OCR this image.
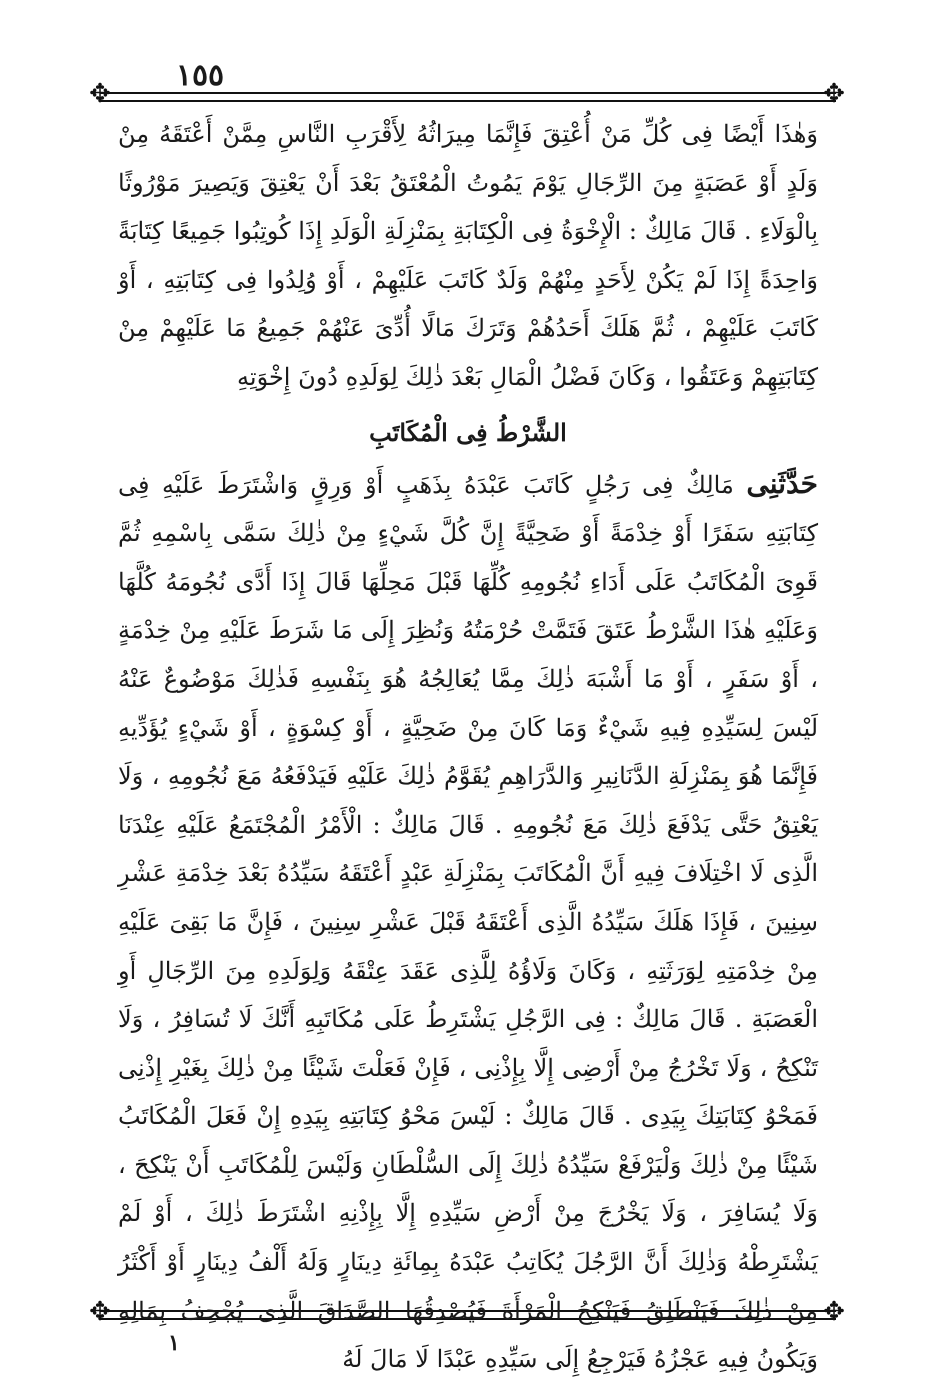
١٥٥
✥	✥
✥	✥

وَهٰذَا أَيْضًا فِى كُلِّ مَنْ أُعْتِقَ فَإِنَّمَا مِيرَاثُهُ لِأَقْرَبِ النَّاسِ مِمَّنْ أَعْتَقَهُ مِنْ وَلَدٍ أَوْ عَصَبَةٍ مِنَ الرِّجَالِ يَوْمَ يَمُوتُ الْمُعْتَقُ بَعْدَ أَنْ يَعْتِقَ وَيَصِيرَ مَوْرُوثًا بِالْوَلَاءِ . قَالَ مَالِكٌ : الْإِخْوَةُ فِى الْكِتَابَةِ بِمَنْزِلَةِ الْوَلَدِ إِذَا كُوتِبُوا جَمِيعًا كِتَابَةً وَاحِدَةً إِذَا لَمْ يَكُنْ لِأَحَدٍ مِنْهُمْ وَلَدٌ كَاتَبَ عَلَيْهِمْ ، أَوْ وُلِدُوا فِى كِتَابَتِهِ ، أَوْ كَاتَبَ عَلَيْهِمْ ، ثُمَّ هَلَكَ أَحَدُهُمْ وَتَرَكَ مَالًا أُدِّىَ عَنْهُمْ جَمِيعُ مَا عَلَيْهِمْ مِنْ كِتَابَتِهِمْ وَعَتَقُوا ، وَكَانَ فَضْلُ الْمَالِ بَعْدَ ذٰلِكَ لِوَلَدِهِ دُونَ إِخْوَتِهِ

الشَّرْطُ فِى الْمُكَاتَبِ

حَدَّثَنِى مَالِكٌ فِى رَجُلٍ كَاتَبَ عَبْدَهُ بِذَهَبٍ أَوْ وَرِقٍ وَاشْتَرَطَ عَلَيْهِ فِى كِتَابَتِهِ سَفَرًا أَوْ خِدْمَةً أَوْ ضَحِيَّةً إِنَّ كُلَّ شَيْءٍ مِنْ ذٰلِكَ سَمَّى بِاسْمِهِ ثُمَّ قَوِىَ الْمُكَاتَبُ عَلَى أَدَاءِ نُجُومِهِ كُلِّهَا قَبْلَ مَحِلِّهَا قَالَ إِذَا أَدَّى نُجُومَهُ كُلَّهَا وَعَلَيْهِ هٰذَا الشَّرْطُ عَتَقَ فَتَمَّتْ حُرْمَتُهُ وَنُظِرَ إِلَى مَا شَرَطَ عَلَيْهِ مِنْ خِدْمَةٍ ، أَوْ سَفَرٍ ، أَوْ مَا أَشْبَهَ ذٰلِكَ مِمَّا يُعَالِجُهُ هُوَ بِنَفْسِهِ فَذٰلِكَ مَوْضُوعٌ عَنْهُ لَيْسَ لِسَيِّدِهِ فِيهِ شَيْءٌ وَمَا كَانَ مِنْ ضَحِيَّةٍ ، أَوْ كِسْوَةٍ ، أَوْ شَيْءٍ يُؤَدِّيهِ فَإِنَّمَا هُوَ بِمَنْزِلَةِ الدَّنَانِيرِ وَالدَّرَاهِمِ يُقَوَّمُ ذٰلِكَ عَلَيْهِ فَيَدْفَعُهُ مَعَ نُجُومِهِ ، وَلَا يَعْتِقُ حَتَّى يَدْفَعَ ذٰلِكَ مَعَ نُجُومِهِ . قَالَ مَالِكٌ : الْأَمْرُ الْمُجْتَمَعُ عَلَيْهِ عِنْدَنَا الَّذِى لَا اخْتِلَافَ فِيهِ أَنَّ الْمُكَاتَبَ بِمَنْزِلَةِ عَبْدٍ أَعْتَقَهُ سَيِّدُهُ بَعْدَ خِدْمَةِ عَشْرِ سِنِينَ ، فَإِذَا هَلَكَ سَيِّدُهُ الَّذِى أَعْتَقَهُ قَبْلَ عَشْرِ سِنِينَ ، فَإِنَّ مَا بَقِىَ عَلَيْهِ مِنْ خِدْمَتِهِ لِوَرَثَتِهِ ، وَكَانَ وَلَاؤُهُ لِلَّذِى عَقَدَ عِتْقَهُ وَلِوَلَدِهِ مِنَ الرِّجَالِ أَوِ الْعَصَبَةِ . قَالَ مَالِكٌ : فِى الرَّجُلِ يَشْتَرِطُ عَلَى مُكَاتَبِهِ أَنَّكَ لَا تُسَافِرُ ، وَلَا تَنْكِحُ ، وَلَا تَخْرُجُ مِنْ أَرْضِى إِلَّا بِإِذْنِى ، فَإِنْ فَعَلْتَ شَيْئًا مِنْ ذٰلِكَ بِغَيْرِ إِذْنِى فَمَحْوُ كِتَابَتِكَ بِيَدِى . قَالَ مَالِكٌ : لَيْسَ مَحْوُ كِتَابَتِهِ بِيَدِهِ إِنْ فَعَلَ الْمُكَاتَبُ شَيْئًا مِنْ ذٰلِكَ وَلْيَرْفَعْ سَيِّدُهُ ذٰلِكَ إِلَى السُّلْطَانِ وَلَيْسَ لِلْمُكَاتَبِ أَنْ يَنْكِحَ ، وَلَا يُسَافِرَ ، وَلَا يَخْرُجَ مِنْ أَرْضِ سَيِّدِهِ إِلَّا بِإِذْنِهِ اشْتَرَطَ ذٰلِكَ ، أَوْ لَمْ يَشْتَرِطْهُ وَذٰلِكَ أَنَّ الرَّجُلَ يُكَاتِبُ عَبْدَهُ بِمِائَةِ دِينَارٍ وَلَهُ أَلْفُ دِينَارٍ أَوْ أَكْثَرُ مِنْ ذٰلِكَ فَيَنْطَلِقُ فَيَنْكِحُ الْمَرْأَةَ فَيُصْدِقُهَا الصَّدَاقَ الَّذِى يُجْحِفُ بِمَالِهِ وَيَكُونُ فِيهِ عَجْزُهُ فَيَرْجِعُ إِلَى سَيِّدِهِ عَبْدًا لَا مَالَ لَهُ

١
